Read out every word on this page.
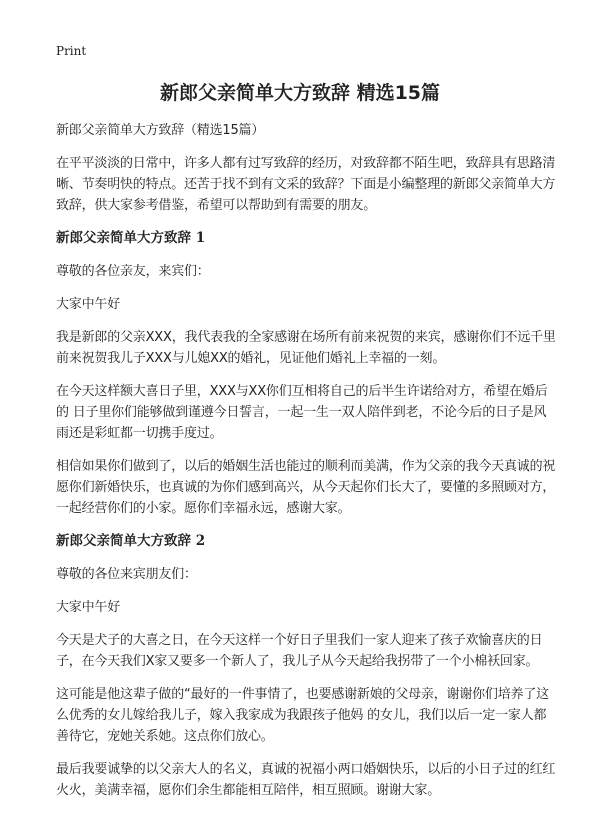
Print
新郎父亲简单大方致辞 精选15篇

新郎父亲简单大方致辞（精选15篇）

在平平淡淡的日常中，许多人都有过写致辞的经历，对致辞都不陌生吧，致辞具有思路清晰、节奏明快的特点。还苦于找不到有文采的致辞？下面是小编整理的新郎父亲简单大方致辞，供大家参考借鉴，希望可以帮助到有需要的朋友。

新郎父亲简单大方致辞 1

尊敬的各位亲友，来宾们：

大家中午好

我是新郎的父亲XXX，我代表我的全家感谢在场所有前来祝贺的来宾，感谢你们不远千里前来祝贺我儿子XXX与儿媳XX的婚礼，见证他们婚礼上幸福的一刻。

在今天这样额大喜日子里，XXX与XX你们互相将自己的后半生许诺给对方，希望在婚后的 日子里你们能够做到谨遵今日誓言，一起一生一双人陪伴到老，不论今后的日子是风雨还是彩虹都一切携手度过。

相信如果你们做到了，以后的婚姻生活也能过的顺利而美满，作为父亲的我今天真诚的祝愿你们新婚快乐，也真诚的为你们感到高兴，从今天起你们长大了，要懂的多照顾对方，一起经营你们的小家。愿你们幸福永远，感谢大家。

新郎父亲简单大方致辞 2

尊敬的各位来宾朋友们：

大家中午好

今天是犬子的大喜之日，在今天这样一个好日子里我们一家人迎来了孩子欢愉喜庆的日子，在今天我们X家又要多一个新人了，我儿子从今天起给我拐带了一个小棉袄回家。

这可能是他这辈子做的“最好的一件事情了，也要感谢新娘的父母亲，谢谢你们培养了这么优秀的女儿嫁给我儿子，嫁入我家成为我跟孩子他妈 的女儿，我们以后一定一家人都善待它，宠她关系她。这点你们放心。

最后我要诚挚的以父亲大人的名义，真诚的祝福小两口婚姻快乐，以后的小日子过的红红火火，美满幸福，愿你们余生都能相互陪伴，相互照顾。谢谢大家。
